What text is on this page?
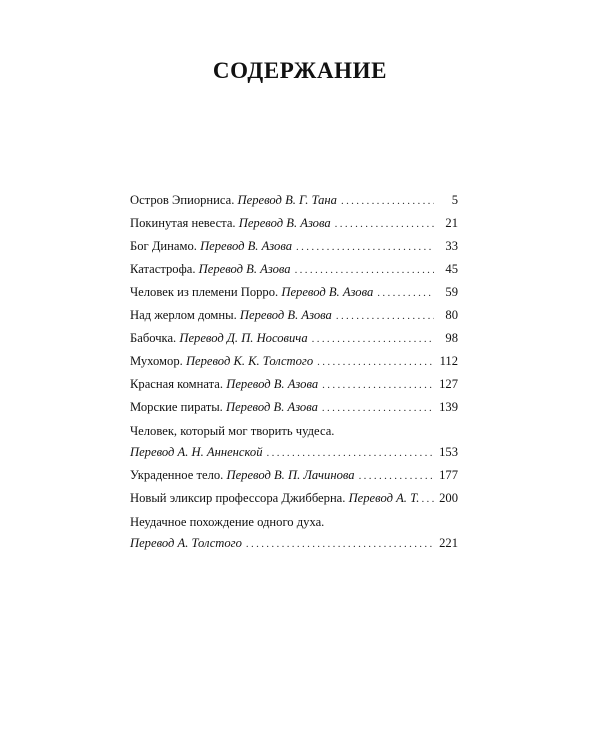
СОДЕРЖАНИЕ
Остров Эпиорниса.
Перевод В. Г. Тана . . .	5
Покинутая невеста.
Перевод В. Азова . . .	21
Бог Динамо.
Перевод В. Азова . . .	33
Катастрофа.
Перевод В. Азова . . .	45
Человек из племени Порро.
Перевод В. Азова . . .	59
Над жерлом домны.
Перевод В. Азова . . .	80
Бабочка.
Перевод Д. П. Носовича . . .	98
Мухомор.
Перевод К. К. Толстого . . .	112
Красная комната.
Перевод В. Азова . . .	127
Морские пираты.
Перевод В. Азова . . .	139
Человек, который мог творить чудеса.
Перевод А. Н. Анненской . . .	153
Украденное тело.
Перевод В. П. Лачинова . . .	177
Новый эликсир профессора Джибберна.
Перевод А. Т. . . . 200
Неудачное похождение одного духа.
Перевод А. Толстого . . .	221
